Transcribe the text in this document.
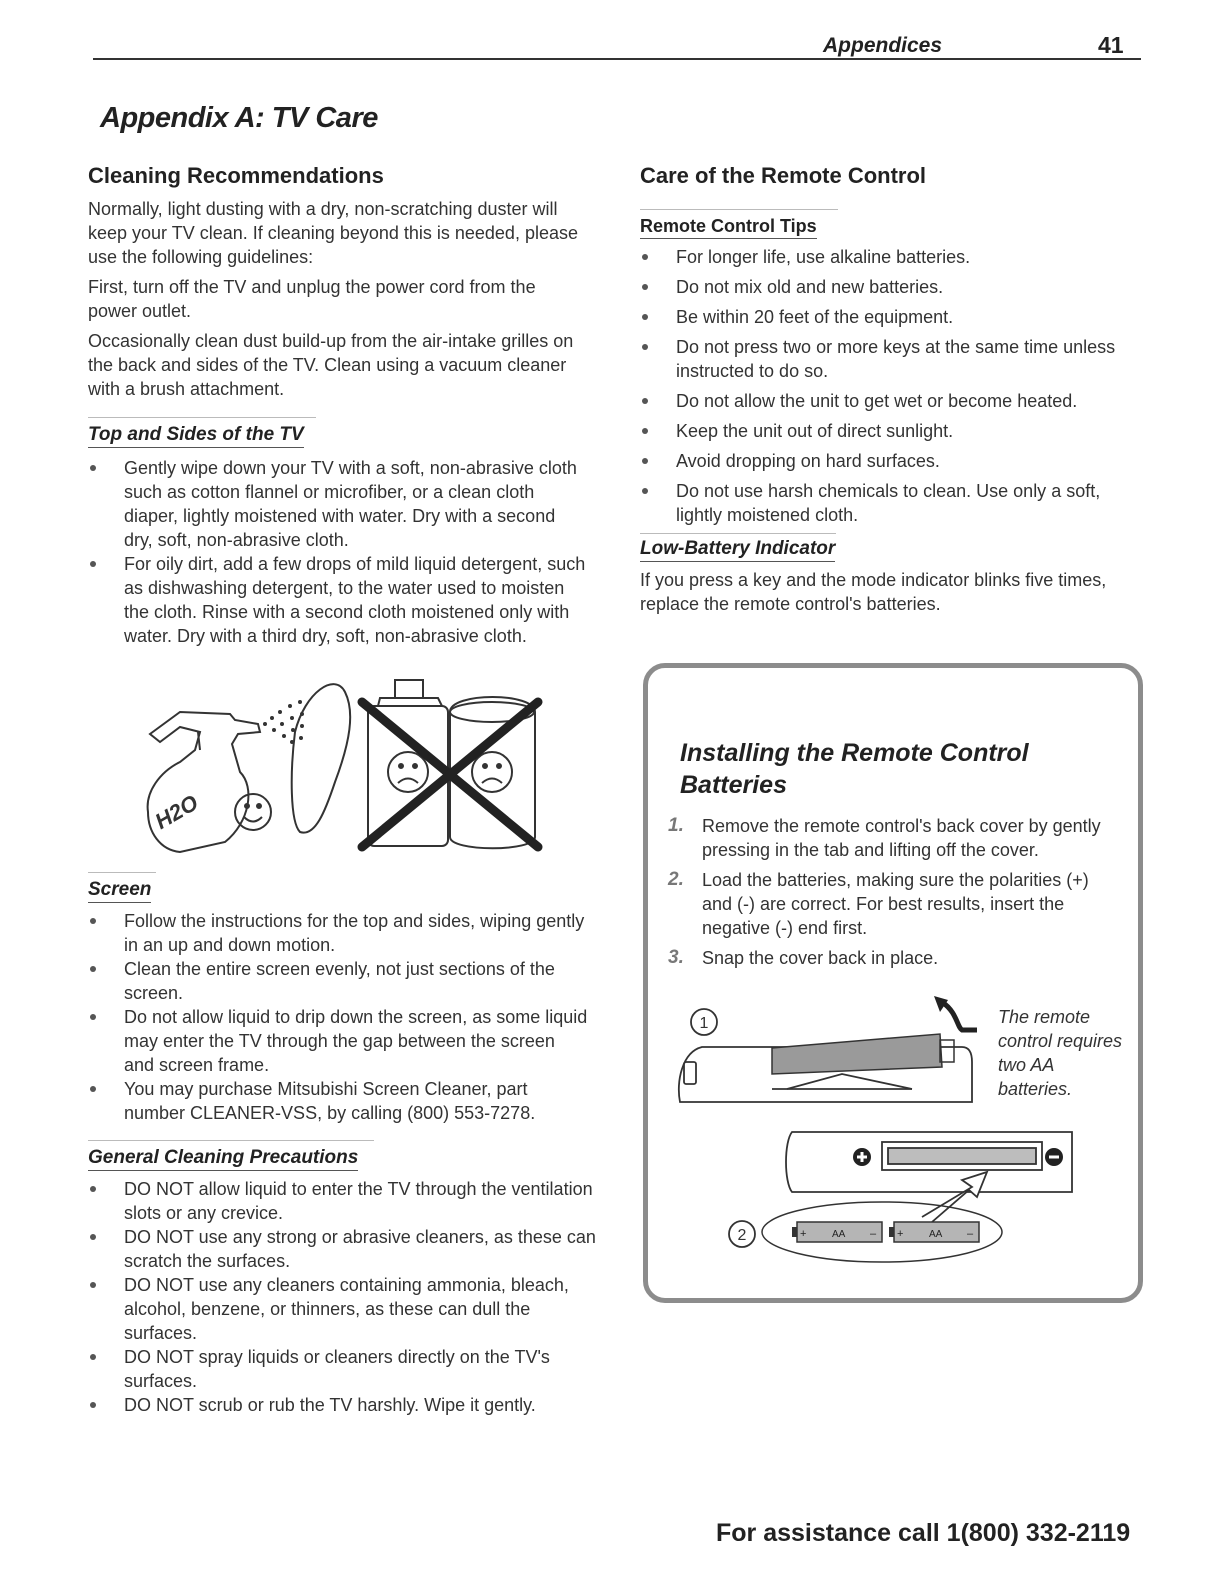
Appendices	41
Appendix A: TV Care
Cleaning Recommendations

Normally, light dusting with a dry, non-scratching duster will keep your TV clean. If cleaning beyond this is needed, please use the following guidelines:

First, turn off the TV and unplug the power cord from the power outlet.

Occasionally clean dust build-up from the air-intake grilles on the back and sides of the TV. Clean using a vacuum cleaner with a brush attachment.

Top and Sides of the TV
Gently wipe down your TV with a soft, non-abrasive cloth such as cotton flannel or microfiber, or a clean cloth diaper, lightly moistened with water. Dry with a second dry, soft, non-abrasive cloth.
For oily dirt, add a few drops of mild liquid detergent, such as dishwashing detergent, to the water used to moisten the cloth. Rinse with a second cloth moistened only with water. Dry with a third dry, soft, non-abrasive cloth.
H2O
Screen
Follow the instructions for the top and sides, wiping gently in an up and down motion.
Clean the entire screen evenly, not just sections of the screen.
Do not allow liquid to drip down the screen, as some liquid may enter the TV through the gap between the screen and screen frame.
You may purchase Mitsubishi Screen Cleaner, part number CLEANER-VSS, by calling (800) 553-7278.
General Cleaning Precautions
DO NOT allow liquid to enter the TV through the ventilation slots or any crevice.
DO NOT use any strong or abrasive cleaners, as these can scratch the surfaces.
DO NOT use any cleaners containing ammonia, bleach, alcohol, benzene, or thinners, as these can dull the surfaces.
DO NOT spray liquids or cleaners directly on the TV's surfaces.
DO NOT scrub or rub the TV harshly. Wipe it gently.
Care of the Remote Control
Remote Control Tips
For longer life, use alkaline batteries.
Do not mix old and new batteries.
Be within 20 feet of the equipment.
Do not press two or more keys at the same time unless instructed to do so.
Do not allow the unit to get wet or become heated.
Keep the unit out of direct sunlight.
Avoid dropping on hard surfaces.
Do not use harsh chemicals to clean. Use only a soft, lightly moistened cloth.
Low-Battery Indicator

If you press a key and the mode indicator blinks five times, replace the remote control's batteries.

Installing the Remote Control Batteries
1. Remove the remote control's back cover by gently pressing in the tab and lifting off the cover.
2. Load the batteries, making sure the polarities (+) and (-) are correct. For best results, insert the negative (-) end first.
3. Snap the cover back in place.
1
2	+	AA – +	AA –
The remote control requires two AA batteries.
For assistance call 1(800) 332-2119
